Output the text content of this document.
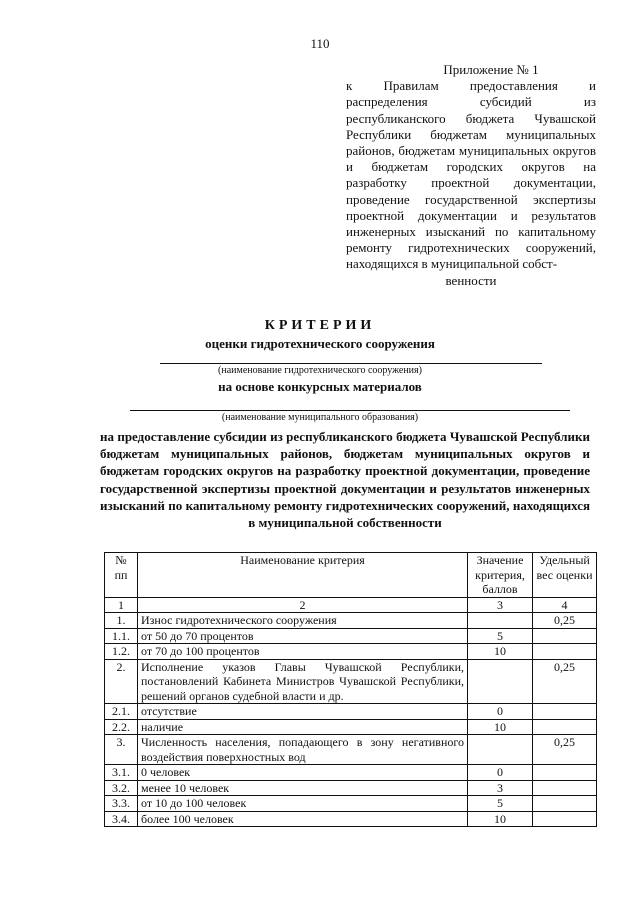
110
Приложение № 1
к Правилам предоставления и распределения субсидий из республиканского бюджета Чувашской Республики бюджетам муниципальных районов, бюджетам муниципальных округов и бюджетам городских округов на разработку проектной документации, проведение государственной экспертизы проектной документации и результатов инженерных изысканий по капитальному ремонту гидротехнических сооружений, находящихся в муниципальной собст-
венности
КРИТЕРИИ
оценки гидротехнического сооружения
(наименование гидротехнического сооружения)
на основе конкурсных материалов
(наименование муниципального образования)
на предоставление субсидии из республиканского бюджета Чувашской Республики бюджетам муниципальных районов, бюджетам муниципальных округов и бюджетам городских округов на разработку проектной документации, проведение государственной экспертизы проектной документации и результатов инженерных изысканий по капитальному ремонту гидротехнических сооружений, находящихся в муниципальной собственности
№ пп	Наименование критерия	Значение критерия, баллов	Удельный вес оценки
1	2	3	4
1.	Износ гидротехнического сооружения		0,25
1.1.	от 50 до 70 процентов	5	
1.2.	от 70 до 100 процентов	10	
2.	Исполнение указов Главы Чувашской Республики, постановлений Кабинета Министров Чувашской Республики, решений органов судебной власти и др.		0,25
2.1.	отсутствие	0	
2.2.	наличие	10	
3.	Численность населения, попадающего в зону негативного воздействия поверхностных вод		0,25
3.1.	0 человек	0	
3.2.	менее 10 человек	3	
3.3.	от 10 до 100 человек	5	
3.4.	более 100 человек	10	
